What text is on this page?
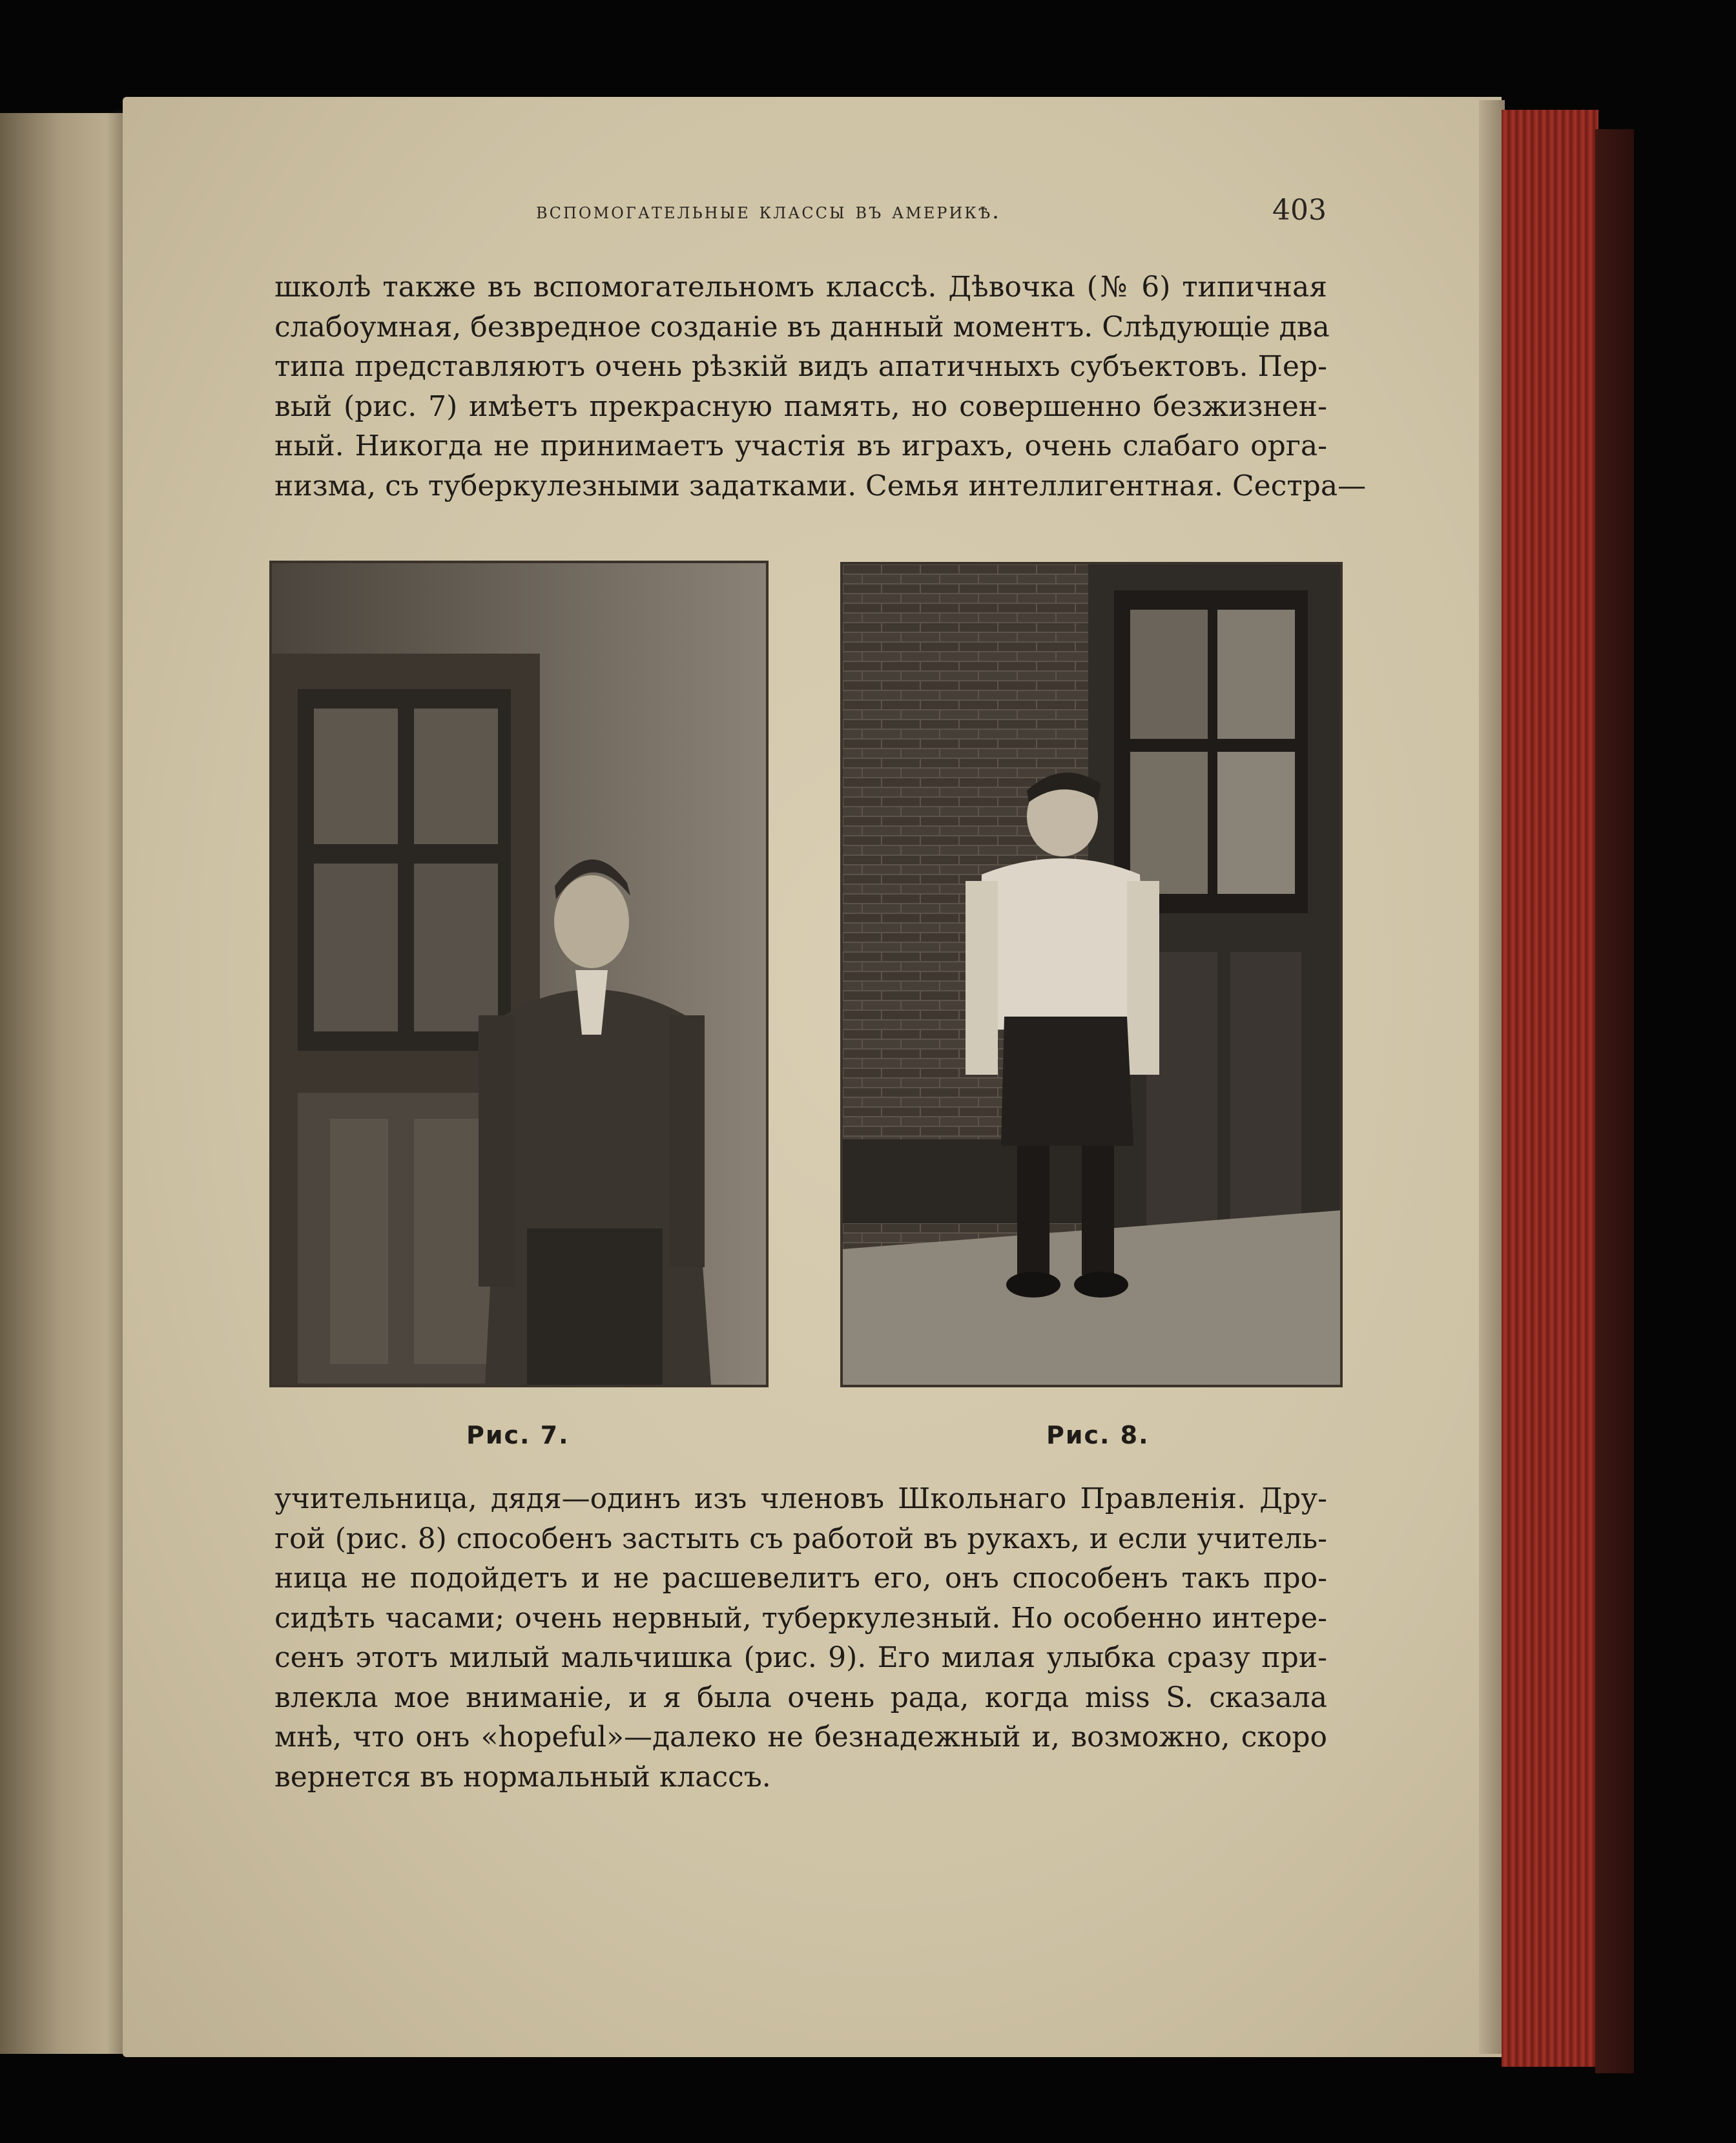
вспомогательные классы въ америкѣ.	403
школѣ также въ вспомогательномъ классѣ. Дѣвочка (№ 6) типичная
слабоумная, безвредное созданіе въ данный моментъ. Слѣдующіе два
типа представляютъ очень рѣзкій видъ апатичныхъ субъектовъ. Пер-
вый (рис. 7) имѣетъ прекрасную память, но совершенно безжизнен-
ный. Никогда не принимаетъ участія въ играхъ, очень слабаго орга-
низма, съ туберкулезными задатками. Семья интеллигентная. Сестра—
Рис. 7.	Рис. 8.
учительница, дядя—одинъ изъ членовъ Школьнаго Правленія. Дру-
гой (рис. 8) способенъ застыть съ работой въ рукахъ, и если учитель-
ница не подойдетъ и не расшевелитъ его, онъ способенъ такъ про-
сидѣть часами; очень нервный, туберкулезный. Но особенно интере-
сенъ этотъ милый мальчишка (рис. 9). Его милая улыбка сразу при-
влекла мое вниманіе, и я была очень рада, когда miss S. сказала
мнѣ, что онъ «hopeful»—далеко не безнадежный и, возможно, скоро
вернется въ нормальный классъ.
